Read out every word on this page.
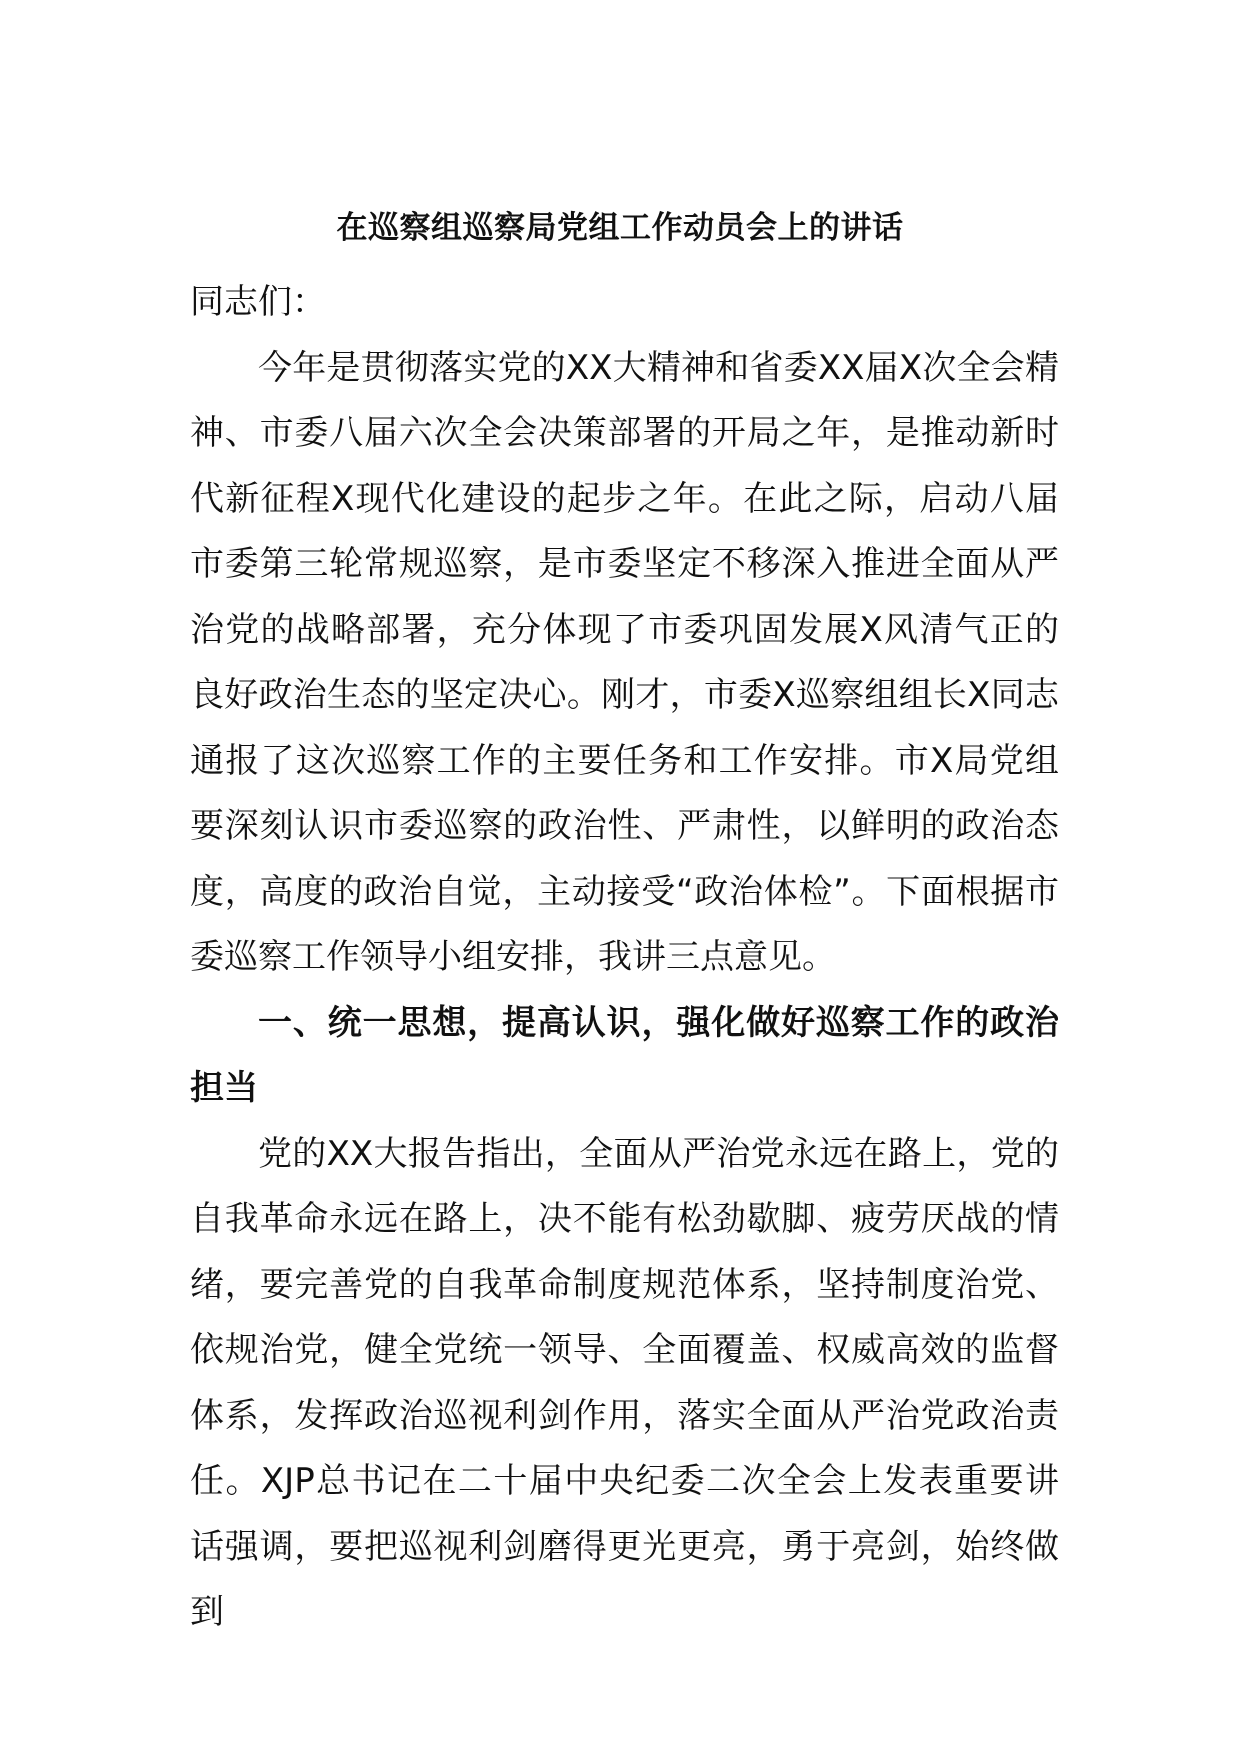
在巡察组巡察局党组工作动员会上的讲话

同志们：

今年是贯彻落实党的XX大精神和省委XX届X次全会精神、市委八届六次全会决策部署的开局之年，是推动新时代新征程X现代化建设的起步之年。在此之际，启动八届市委第三轮常规巡察，是市委坚定不移深入推进全面从严治党的战略部署，充分体现了市委巩固发展X风清气正的良好政治生态的坚定决心。刚才，市委X巡察组组长X同志通报了这次巡察工作的主要任务和工作安排。市X局党组要深刻认识市委巡察的政治性、严肃性，以鲜明的政治态度，高度的政治自觉，主动接受“政治体检”。下面根据市委巡察工作领导小组安排，我讲三点意见。

一、统一思想，提高认识，强化做好巡察工作的政治担当

党的XX大报告指出，全面从严治党永远在路上，党的自我革命永远在路上，决不能有松劲歇脚、疲劳厌战的情绪，要完善党的自我革命制度规范体系，坚持制度治党、依规治党，健全党统一领导、全面覆盖、权威高效的监督体系，发挥政治巡视利剑作用，落实全面从严治党政治责任。XJP总书记在二十届中央纪委二次全会上发表重要讲话强调，要把巡视利剑磨得更光更亮，勇于亮剑，始终做到
